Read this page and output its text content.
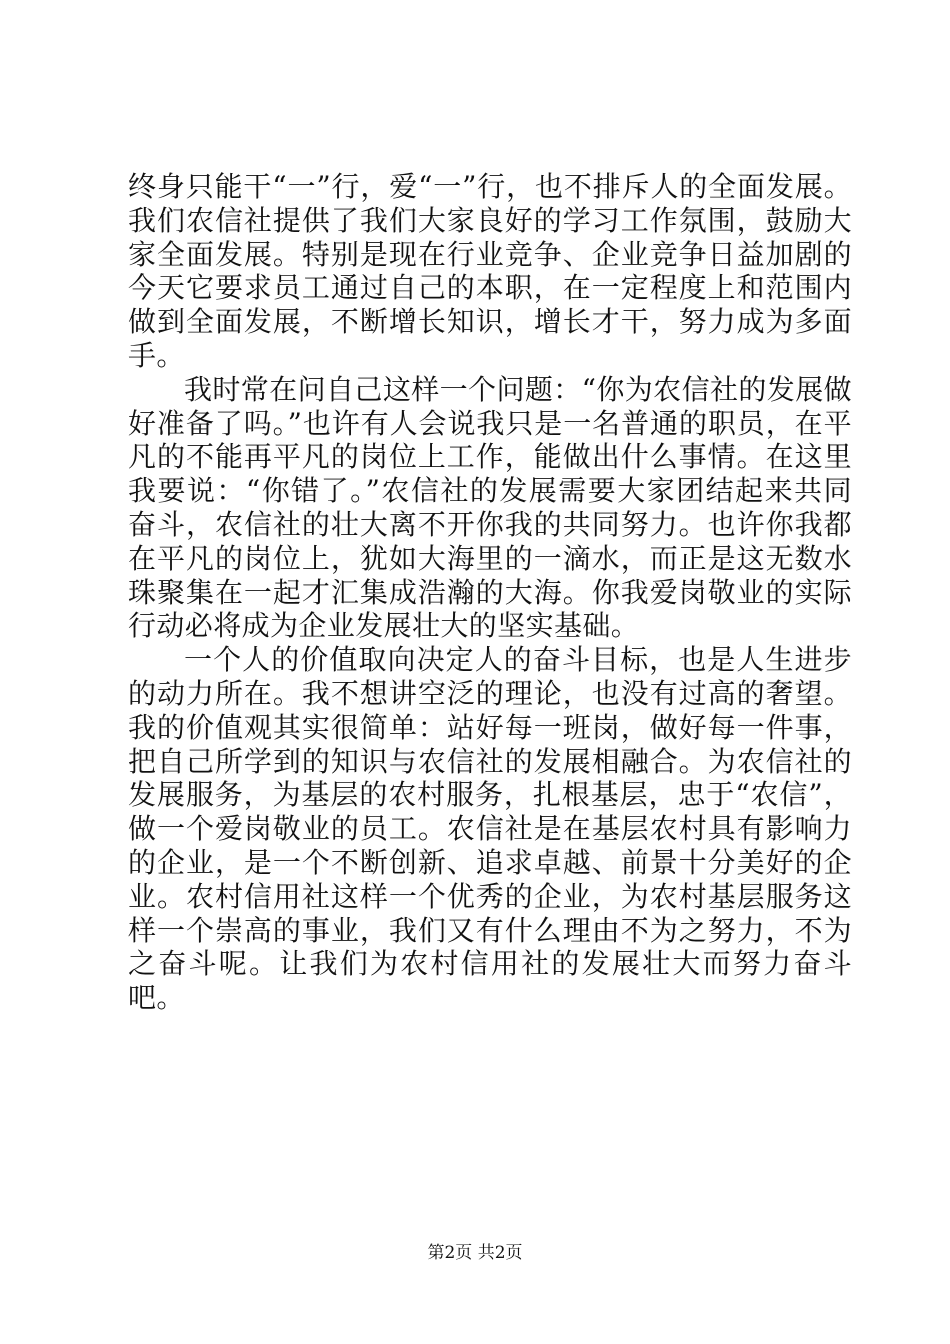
终身只能干“一”行，爱“一”行，也不排斥人的全面发展。我们农信社提供了我们大家良好的学习工作氛围，鼓励大家全面发展。特别是现在行业竞争、企业竞争日益加剧的今天它要求员工通过自己的本职，在一定程度上和范围内做到全面发展，不断增长知识，增长才干，努力成为多面手。

我时常在问自己这样一个问题：“你为农信社的发展做好准备了吗。”也许有人会说我只是一名普通的职员，在平凡的不能再平凡的岗位上工作，能做出什么事情。在这里我要说：“你错了。”农信社的发展需要大家团结起来共同奋斗，农信社的壮大离不开你我的共同努力。也许你我都在平凡的岗位上，犹如大海里的一滴水，而正是这无数水珠聚集在一起才汇集成浩瀚的大海。你我爱岗敬业的实际行动必将成为企业发展壮大的坚实基础。

一个人的价值取向决定人的奋斗目标，也是人生进步的动力所在。我不想讲空泛的理论，也没有过高的奢望。我的价值观其实很简单：站好每一班岗，做好每一件事，把自己所学到的知识与农信社的发展相融合。为农信社的发展服务，为基层的农村服务，扎根基层，忠于“农信”，做一个爱岗敬业的员工。农信社是在基层农村具有影响力的企业，是一个不断创新、追求卓越、前景十分美好的企业。农村信用社这样一个优秀的企业，为农村基层服务这样一个崇高的事业，我们又有什么理由不为之努力，不为之奋斗呢。让我们为农村信用社的发展壮大而努力奋斗吧。

第2页 共2页
